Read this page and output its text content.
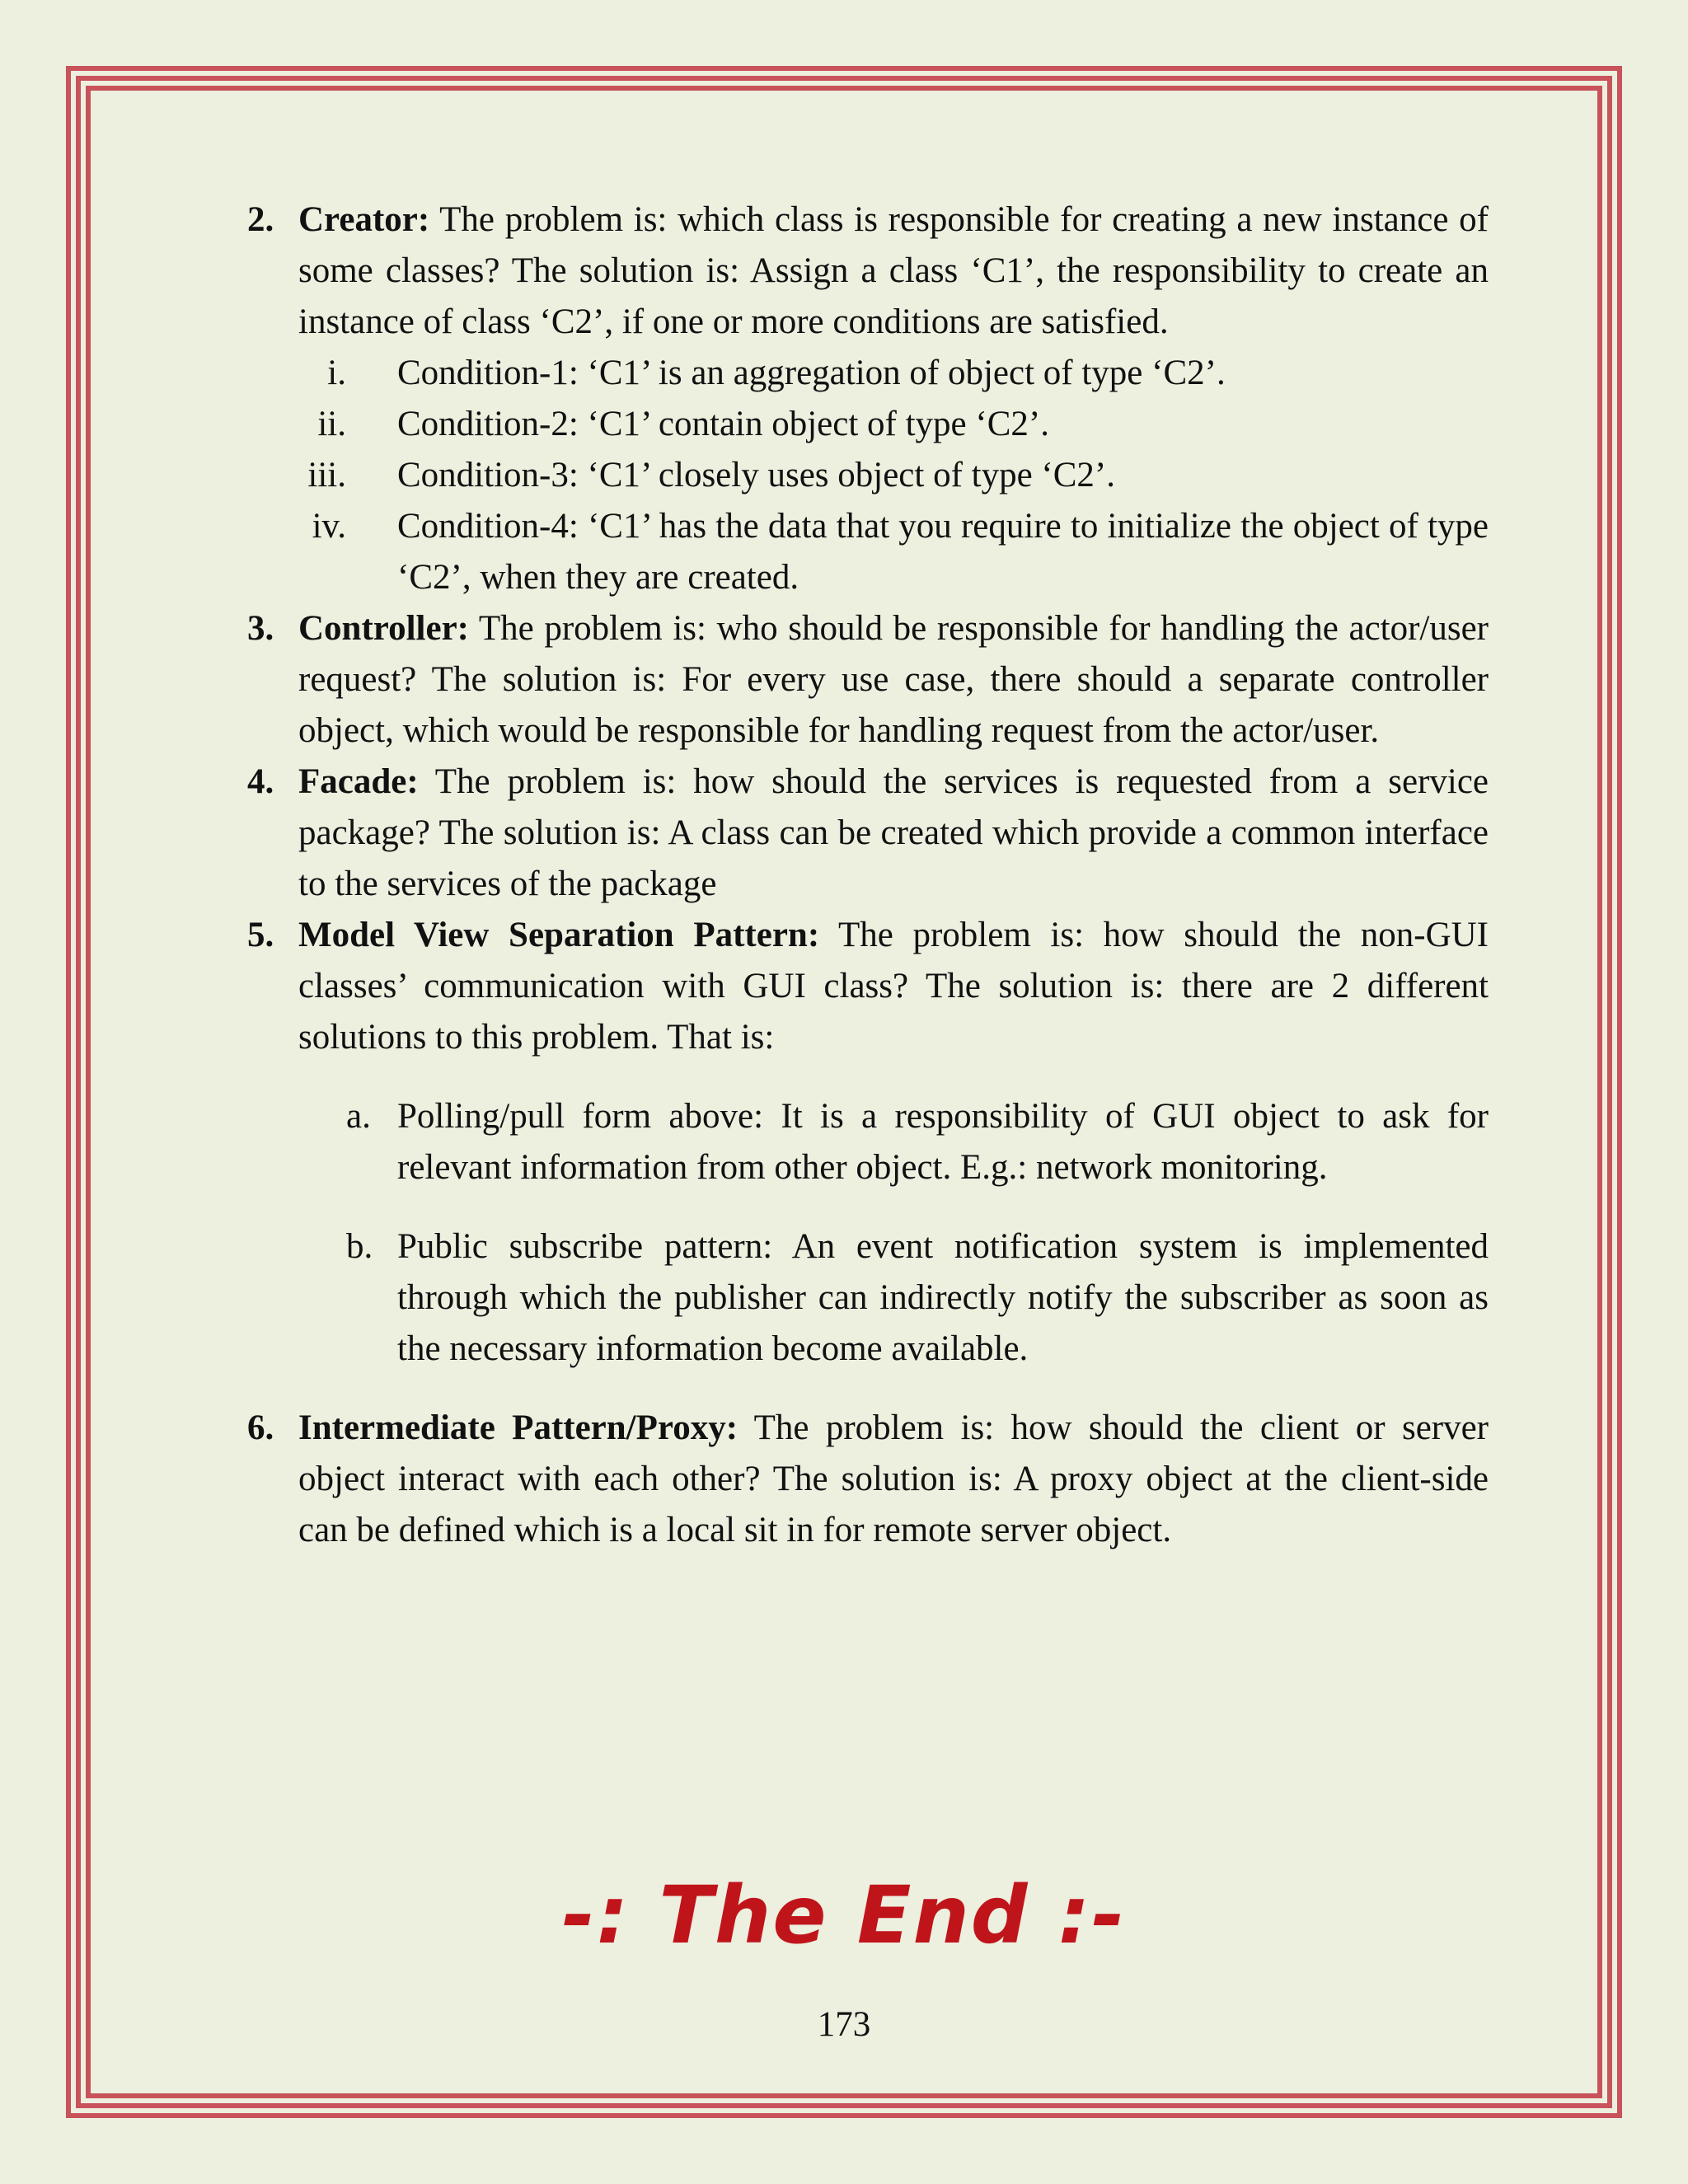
2. Creator: The problem is: which class is responsible for creating a new instance of some classes? The solution is: Assign a class ‘C1’, the responsibility to create an instance of class ‘C2’, if one or more conditions are satisfied.
i. Condition-1: ‘C1’ is an aggregation of object of type ‘C2’.
ii. Condition-2: ‘C1’ contain object of type ‘C2’.
iii. Condition-3: ‘C1’ closely uses object of type ‘C2’.
iv. Condition-4: ‘C1’ has the data that you require to initialize the object of type ‘C2’, when they are created.
3. Controller: The problem is: who should be responsible for handling the actor/user request? The solution is: For every use case, there should a separate controller object, which would be responsible for handling request from the actor/user.
4. Facade: The problem is: how should the services is requested from a service package? The solution is: A class can be created which provide a common interface to the services of the package
5. Model View Separation Pattern: The problem is: how should the non-GUI classes’ communication with GUI class? The solution is: there are 2 different solutions to this problem. That is:
a. Polling/pull form above: It is a responsibility of GUI object to ask for relevant information from other object. E.g.: network monitoring.
b. Public subscribe pattern: An event notification system is implemented through which the publisher can indirectly notify the subscriber as soon as the necessary information become available.
6. Intermediate Pattern/Proxy: The problem is: how should the client or server object interact with each other? The solution is: A proxy object at the client-side can be defined which is a local sit in for remote server object.
-: The End :-
173
